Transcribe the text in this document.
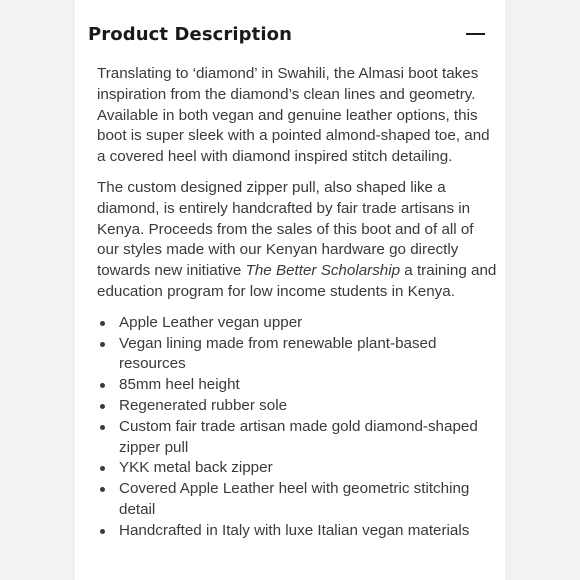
Product Description

Translating to ‘diamond’ in Swahili, the Almasi boot takes inspiration from the diamond’s clean lines and geometry. Available in both vegan and genuine leather options, this boot is super sleek with a pointed almond-shaped toe, and a covered heel with diamond inspired stitch detailing.

The custom designed zipper pull, also shaped like a diamond, is entirely handcrafted by fair trade artisans in Kenya. Proceeds from the sales of this boot and of all of our styles made with our Kenyan hardware go directly towards new initiative The Better Scholarship a training and education program for low income students in Kenya.

Apple Leather vegan upper
Vegan lining made from renewable plant-based resources
85mm heel height
Regenerated rubber sole
Custom fair trade artisan made gold diamond-shaped zipper pull
YKK metal back zipper
Covered Apple Leather heel with geometric stitching detail
Handcrafted in Italy with luxe Italian vegan materials
